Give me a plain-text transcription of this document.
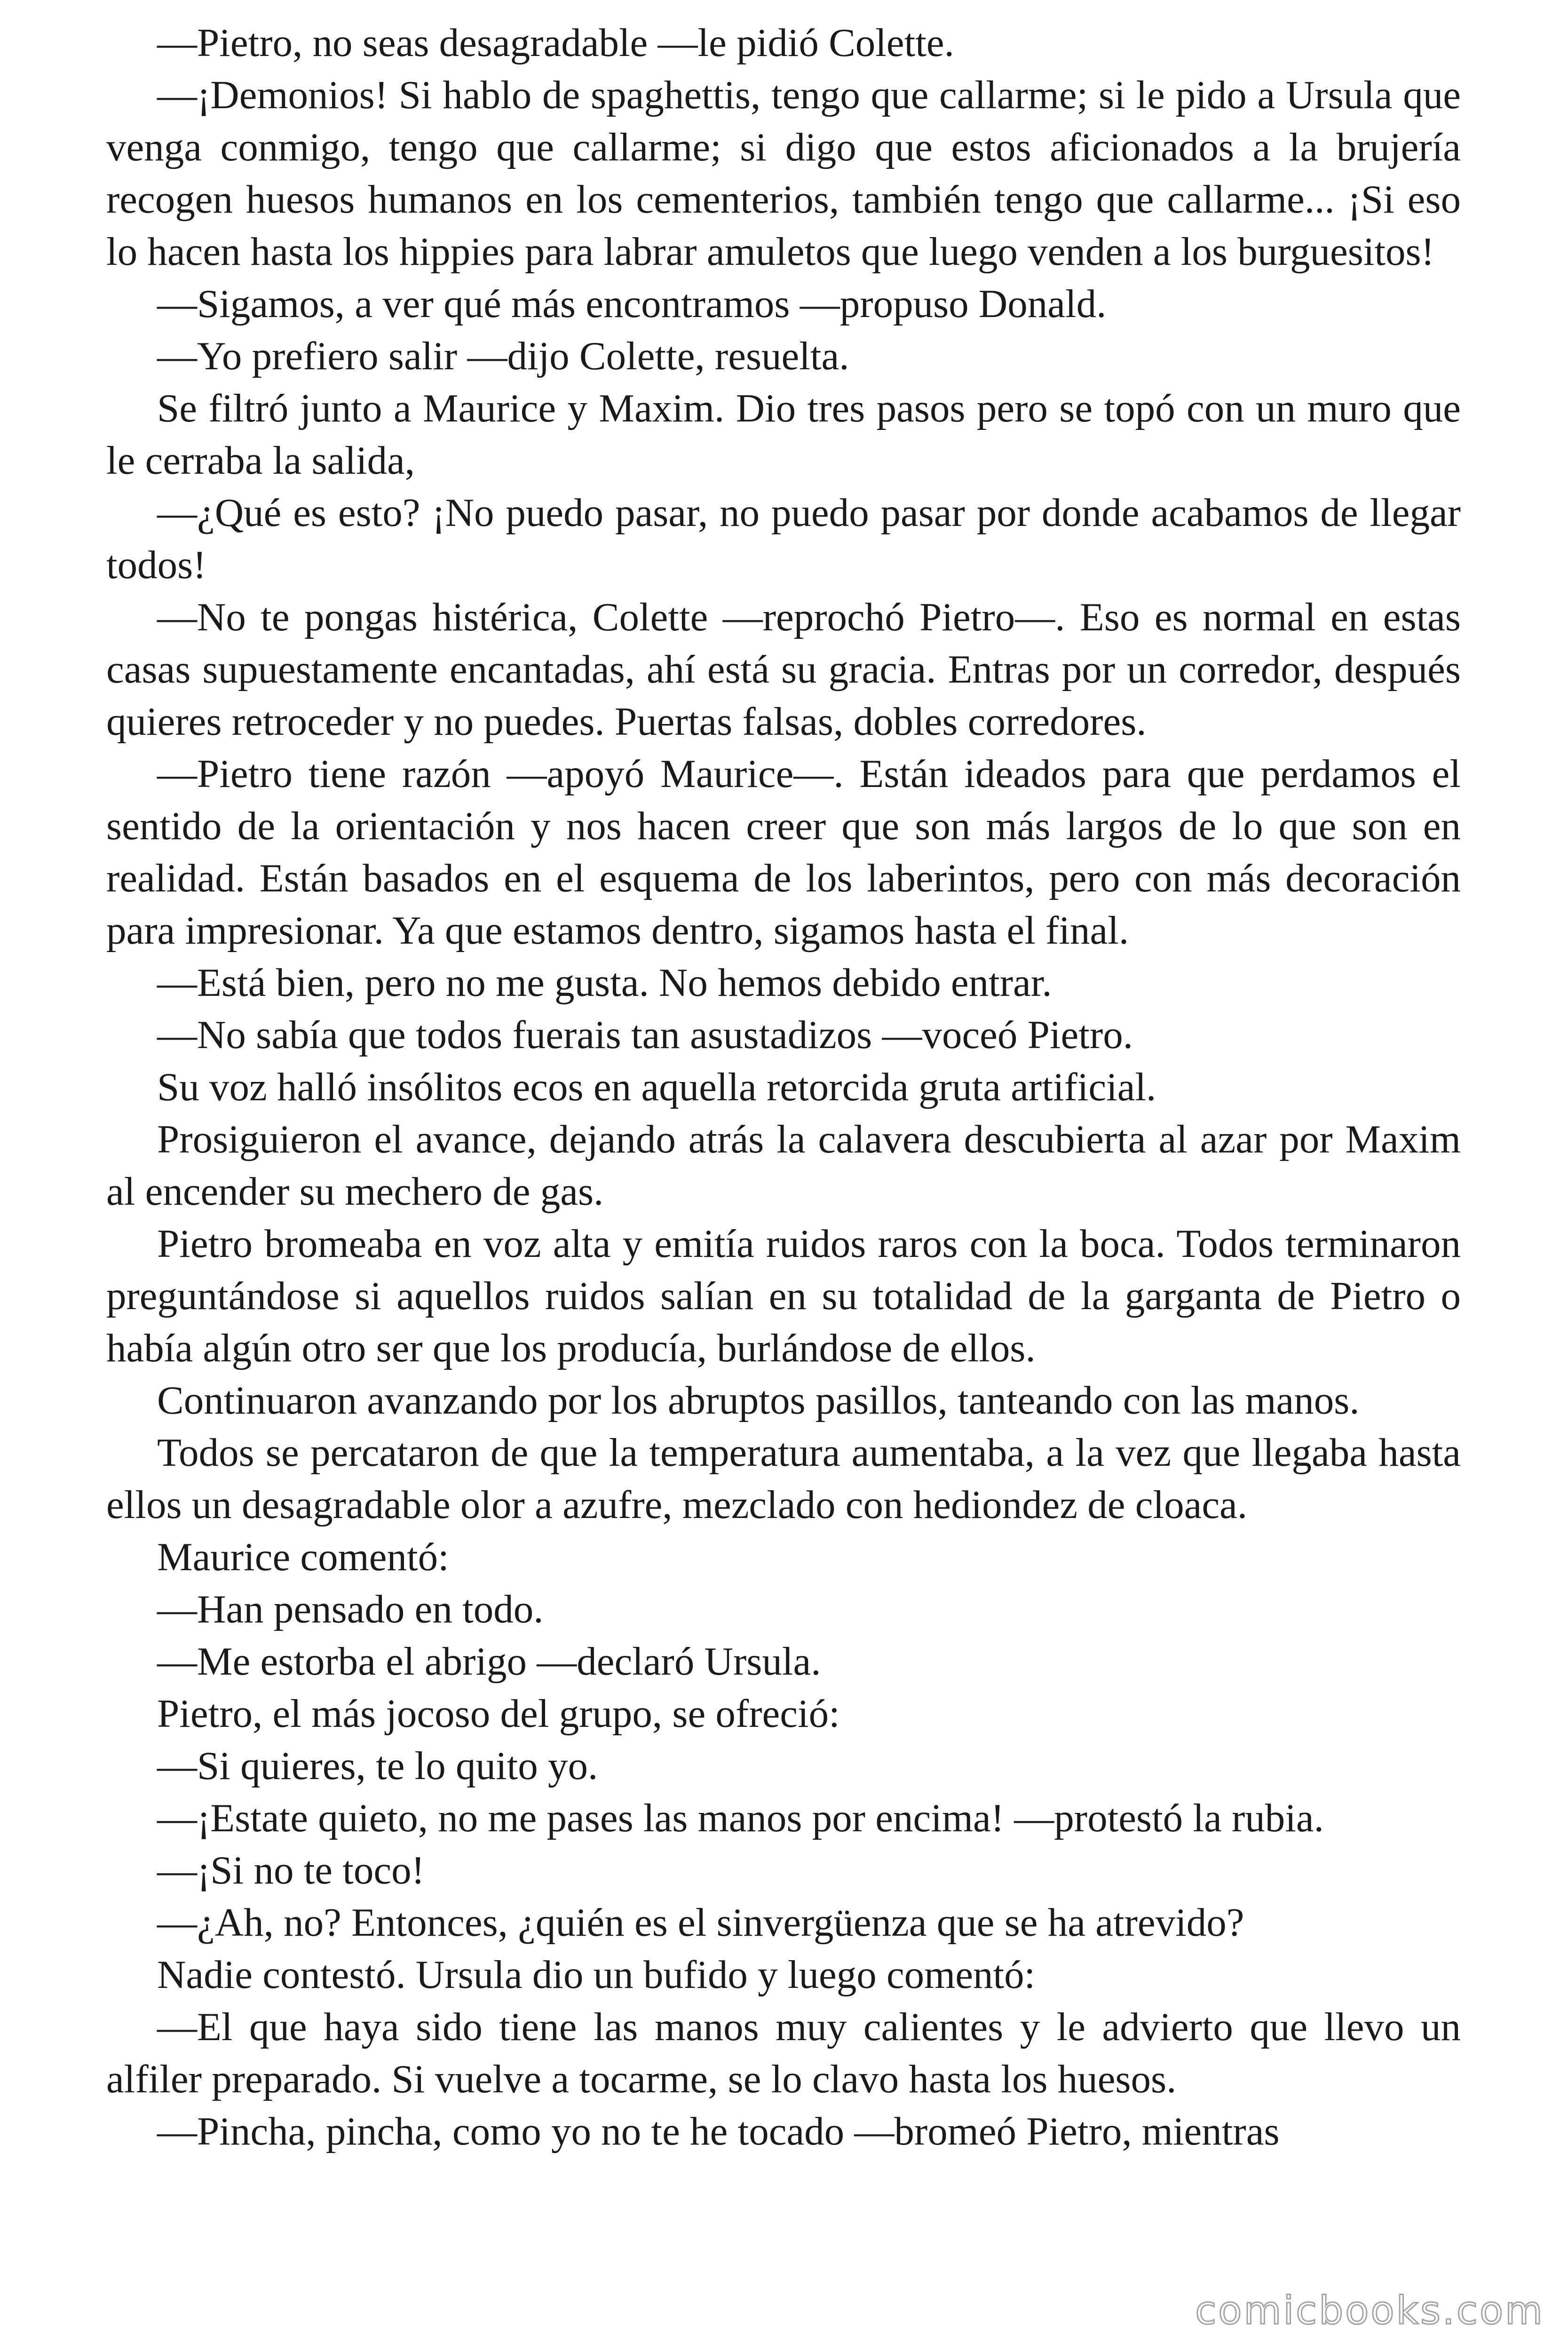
—Pietro, no seas desagradable —le pidió Colette.

—¡Demonios! Si hablo de spaghettis, tengo que callarme; si le pido a Ursula que venga conmigo, tengo que callarme; si digo que estos aficionados a la brujería recogen huesos humanos en los cementerios, también tengo que callarme... ¡Si eso lo hacen hasta los hippies para labrar amuletos que luego venden a los burguesitos!

—Sigamos, a ver qué más encontramos —propuso Donald.

—Yo prefiero salir —dijo Colette, resuelta.

Se filtró junto a Maurice y Maxim. Dio tres pasos pero se topó con un muro que le cerraba la salida,

—¿Qué es esto? ¡No puedo pasar, no puedo pasar por donde acabamos de llegar todos!

—No te pongas histérica, Colette —reprochó Pietro—. Eso es normal en estas casas supuestamente encantadas, ahí está su gracia. Entras por un corredor, después quieres retroceder y no puedes. Puertas falsas, dobles corredores.

—Pietro tiene razón —apoyó Maurice—. Están ideados para que perdamos el sentido de la orientación y nos hacen creer que son más largos de lo que son en realidad. Están basados en el esquema de los laberintos, pero con más decoración para impresionar. Ya que estamos dentro, sigamos hasta el final.

—Está bien, pero no me gusta. No hemos debido entrar.

—No sabía que todos fuerais tan asustadizos —voceó Pietro.

Su voz halló insólitos ecos en aquella retorcida gruta artificial.

Prosiguieron el avance, dejando atrás la calavera descubierta al azar por Maxim al encender su mechero de gas.

Pietro bromeaba en voz alta y emitía ruidos raros con la boca. Todos terminaron preguntándose si aquellos ruidos salían en su totalidad de la garganta de Pietro o había algún otro ser que los producía, burlándose de ellos.

Continuaron avanzando por los abruptos pasillos, tanteando con las manos.

Todos se percataron de que la temperatura aumentaba, a la vez que llegaba hasta ellos un desagradable olor a azufre, mezclado con hediondez de cloaca.

Maurice comentó:

—Han pensado en todo.

—Me estorba el abrigo —declaró Ursula.

Pietro, el más jocoso del grupo, se ofreció:

—Si quieres, te lo quito yo.

—¡Estate quieto, no me pases las manos por encima! —protestó la rubia.

—¡Si no te toco!

—¿Ah, no? Entonces, ¿quién es el sinvergüenza que se ha atrevido?

Nadie contestó. Ursula dio un bufido y luego comentó:

—El que haya sido tiene las manos muy calientes y le advierto que llevo un alfiler preparado. Si vuelve a tocarme, se lo clavo hasta los huesos.

—Pincha, pincha, como yo no te he tocado —bromeó Pietro, mientras

comicbooks.com
